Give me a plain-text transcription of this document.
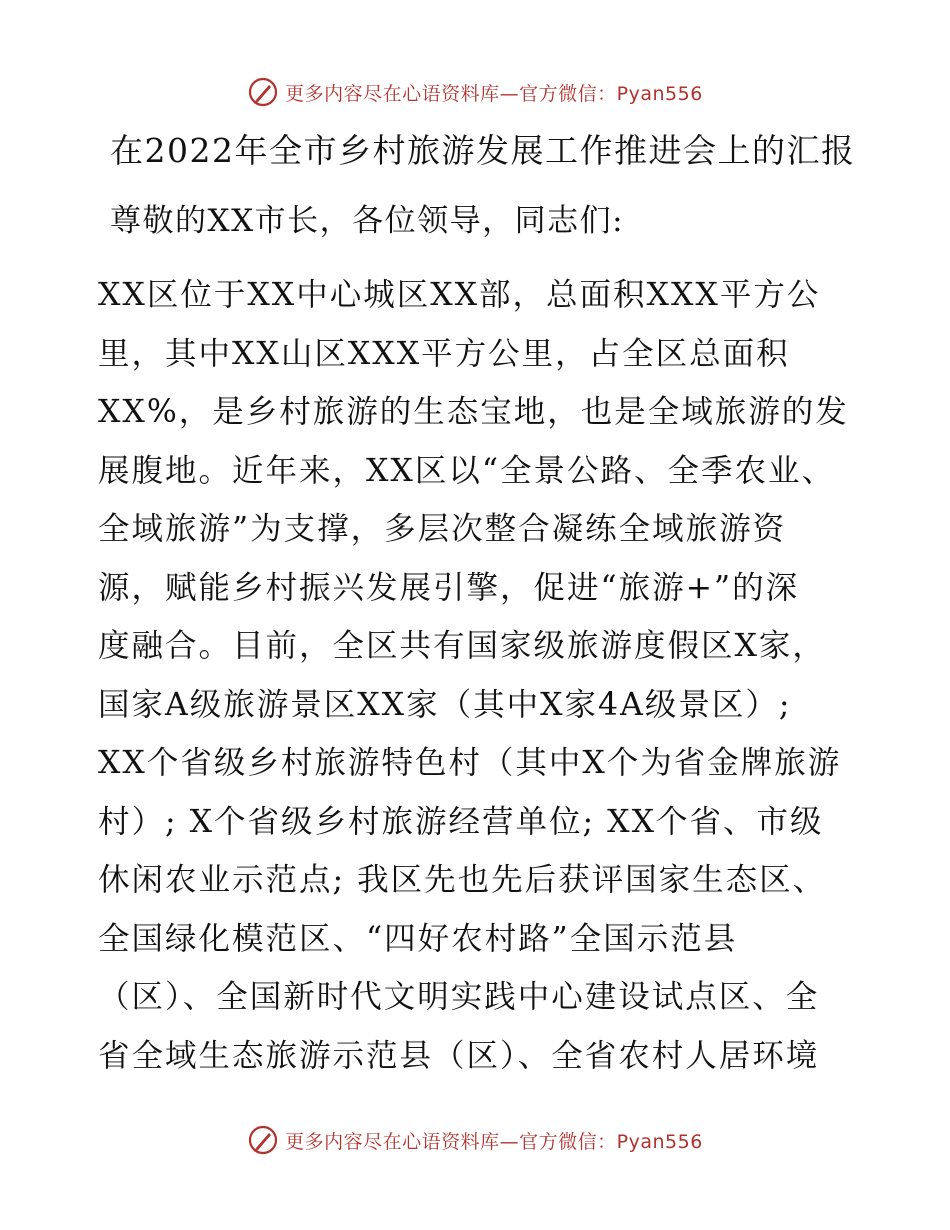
更多内容尽在心语资料库—官方微信：Pyan556
在2022年全市乡村旅游发展工作推进会上的汇报
尊敬的XX市长，各位领导，同志们:
XX区位于XX中心城区XX部，总面积XXX平方公
里，其中XX山区XXX平方公里，占全区总面积
XX%，是乡村旅游的生态宝地，也是全域旅游的发
展腹地。近年来，XX区以“全景公路、全季农业、
全域旅游”为支撑，多层次整合凝练全域旅游资
源，赋能乡村振兴发展引擎，促进“旅游+”的深
度融合。目前，全区共有国家级旅游度假区X家，
国家A级旅游景区XX家（其中X家4A级景区）;
XX个省级乡村旅游特色村（其中X个为省金牌旅游
村）; X个省级乡村旅游经营单位; XX个省、市级
休闲农业示范点; 我区先也先后获评国家生态区、
全国绿化模范区、“四好农村路”全国示范县
（区）、全国新时代文明实践中心建设试点区、全
省全域生态旅游示范县（区）、全省农村人居环境
更多内容尽在心语资料库—官方微信：Pyan556
